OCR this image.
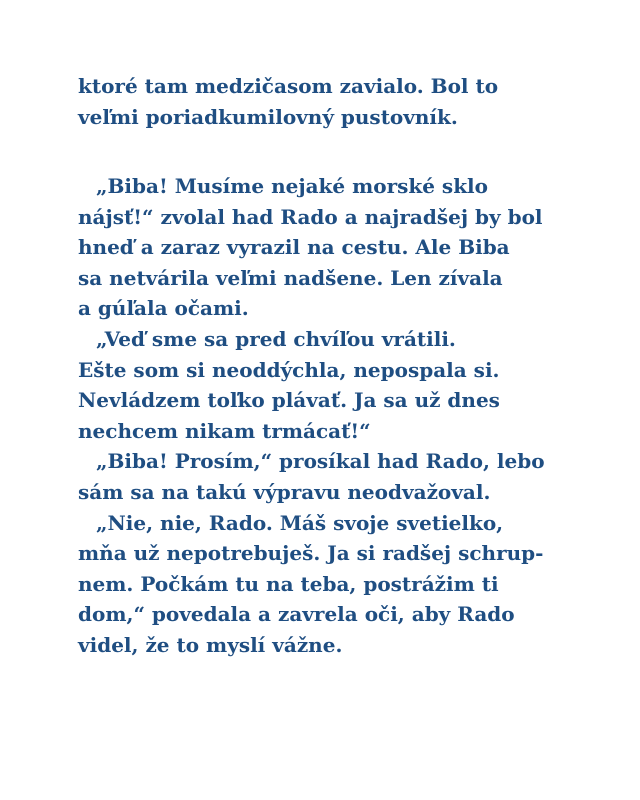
ktoré tam medzičasom zavialo. Bol to
veľmi poriadkumilovný pustovník.
„Biba! Musíme nejaké morské sklo
nájsť!“ zvolal had Rado a najradšej by bol
hneď a zaraz vyrazil na cestu. Ale Biba
sa netvárila veľmi nadšene. Len zívala
a gúľala očami.
„Veď sme sa pred chvíľou vrátili.
Ešte som si neoddýchla, nepospala si.
Nevládzem toľko plávať. Ja sa už dnes
nechcem nikam trmácať!“
„Biba! Prosím,“ prosíkal had Rado, lebo
sám sa na takú výpravu neodvažoval.
„Nie, nie, Rado. Máš svoje svetielko,
mňa už nepotrebuješ. Ja si radšej schrup-
nem. Počkám tu na teba, postrážim ti
dom,“ povedala a zavrela oči, aby Rado
videl, že to myslí vážne.
